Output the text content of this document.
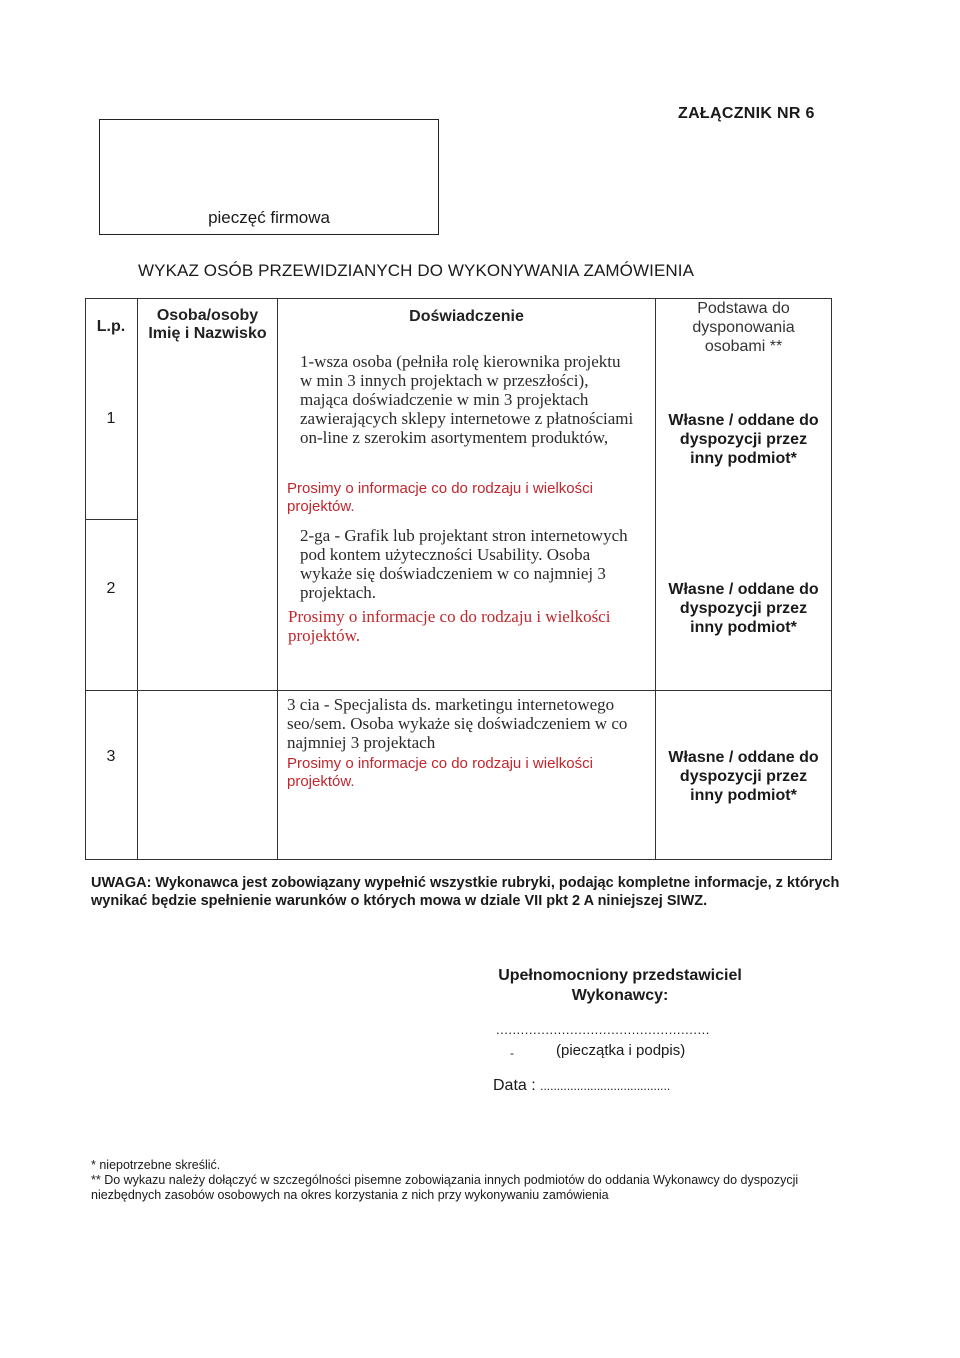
ZAŁĄCZNIK NR 6
pieczęć firmowa
WYKAZ OSÓB PRZEWIDZIANYCH DO WYKONYWANIA ZAMÓWIENIA
L.p.
Osoba/osoby
Imię i Nazwisko
Doświadczenie	Podstawa do
dysponowania
osobami **
1
1-wsza osoba (pełniła rolę kierownika projektu
w min 3 innych projektach w przeszłości),
mająca doświadczenie w min 3 projektach
zawierających sklepy internetowe z płatnościami
on-line z szerokim asortymentem produktów,
Prosimy o informacje co do rodzaju i wielkości
projektów.
Własne / oddane do
dyspozycji przez
inny podmiot*
2
2-ga - Grafik lub projektant stron internetowych
pod kontem użyteczności Usability. Osoba
wykaże się doświadczeniem w co najmniej 3
projektach.
Prosimy o informacje co do rodzaju i wielkości
projektów.
Własne / oddane do
dyspozycji przez
inny podmiot*
3
3 cia - Specjalista ds. marketingu internetowego
seo/sem. Osoba wykaże się doświadczeniem w co
najmniej 3 projektach
Prosimy o informacje co do rodzaju i wielkości
projektów.
Własne / oddane do
dyspozycji przez
inny podmiot*
UWAGA: Wykonawca jest zobowiązany wypełnić wszystkie rubryki, podając kompletne informacje, z których
wynikać będzie spełnienie warunków o których mowa w dziale VII pkt 2 A niniejszej SIWZ.
Upełnomocniony przedstawiciel
Wykonawcy:
....................................................
-	(pieczątka i podpis)
Data : .......................................
* niepotrzebne skreślić.
** Do wykazu należy dołączyć w szczególności pisemne zobowiązania innych podmiotów do oddania Wykonawcy do dyspozycji
niezbędnych zasobów osobowych na okres korzystania z nich przy wykonywaniu zamówienia
